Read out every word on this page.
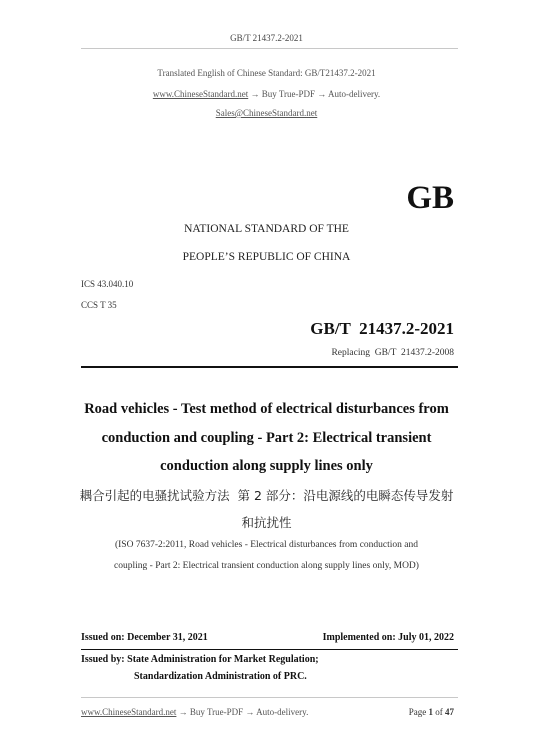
GB/T 21437.2-2021
Translated English of Chinese Standard: GB/T21437.2-2021
www.ChineseStandard.net → Buy True-PDF → Auto-delivery.
Sales@ChineseStandard.net
GB
NATIONAL STANDARD OF THE
PEOPLE’S REPUBLIC OF CHINA
ICS 43.040.10
CCS T 35
GB/T  21437.2-2021
Replacing  GB/T  21437.2-2008
Road vehicles - Test method of electrical disturbances from
conduction and coupling - Part 2: Electrical transient
conduction along supply lines only
耦合引起的电骚扰试验方法  第 2 部分：沿电源线的电瞬态传导发射
和抗扰性
(ISO 7637-2:2011, Road vehicles - Electrical disturbances from conduction and
coupling - Part 2: Electrical transient conduction along supply lines only, MOD)
Issued on: December 31, 2021	Implemented on: July 01, 2022
Issued by: State Administration for Market Regulation;
Standardization Administration of PRC.
www.ChineseStandard.net → Buy True-PDF → Auto-delivery.	Page 1 of 47
